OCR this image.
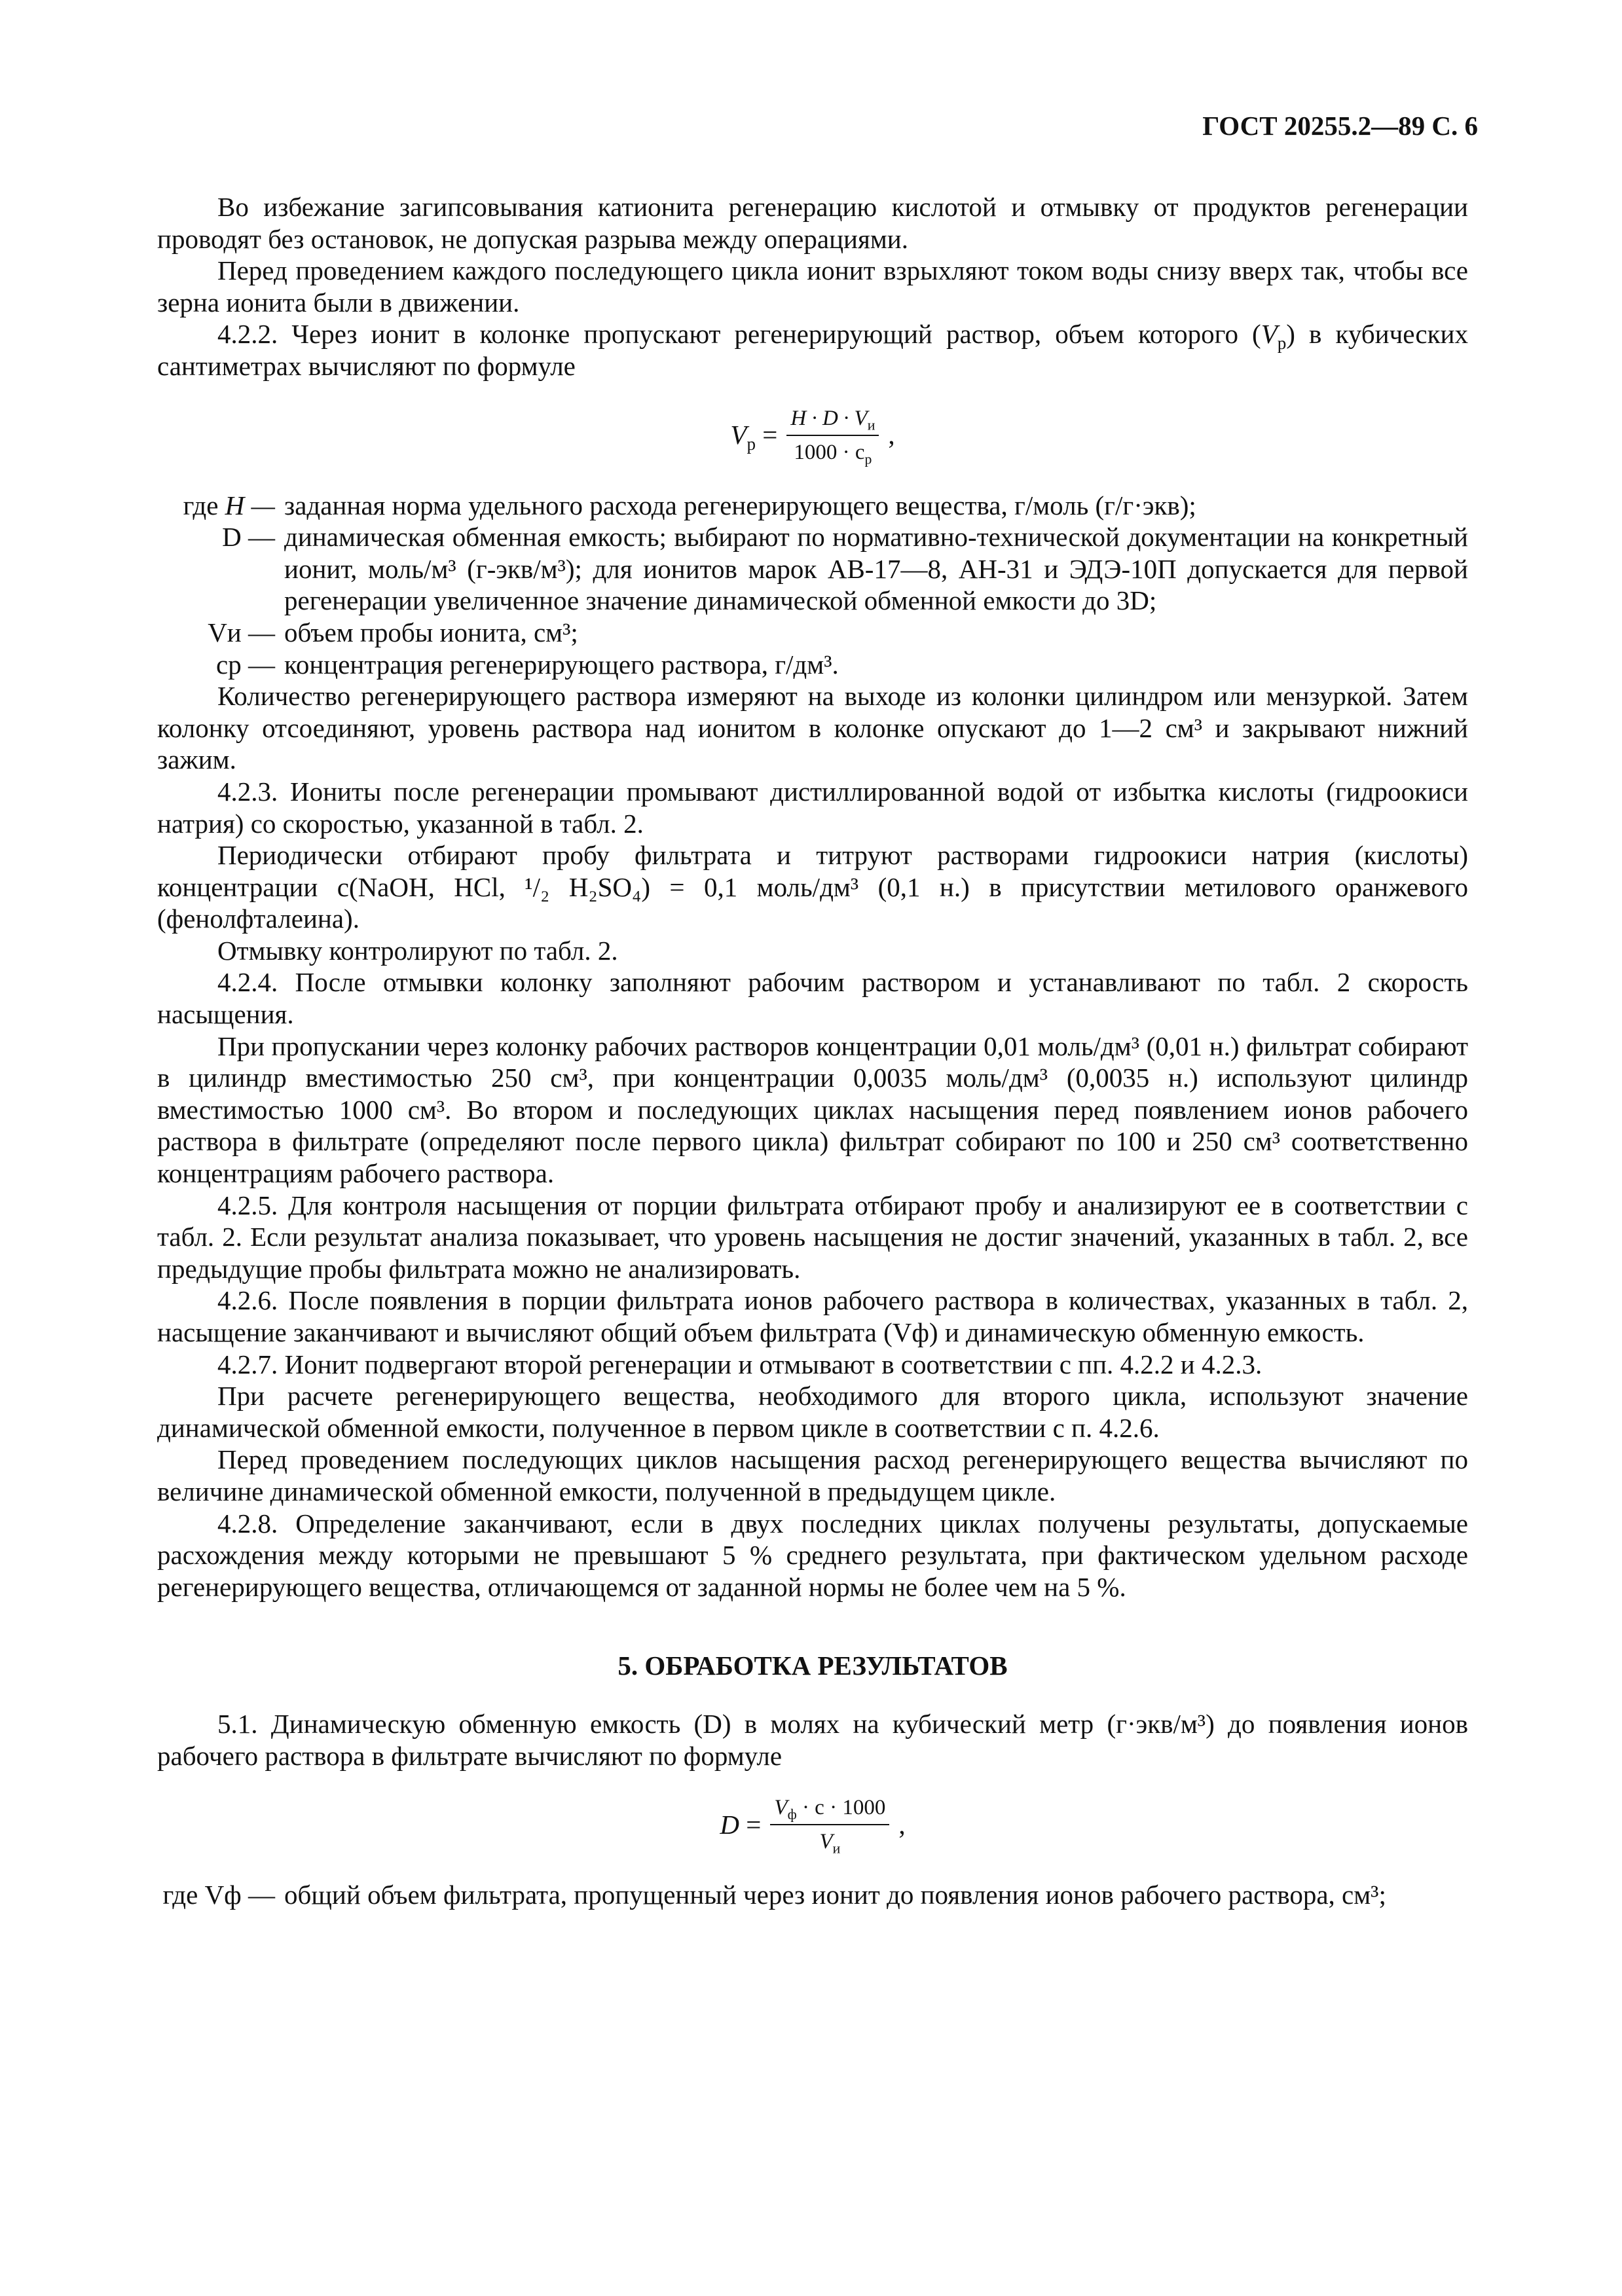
ГОСТ 20255.2—89 С. 6

Во избежание загипсовывания катионита регенерацию кислотой и отмывку от продуктов регенерации проводят без остановок, не допуская разрыва между операциями.

Перед проведением каждого последующего цикла ионит взрыхляют током воды снизу вверх так, чтобы все зерна ионита были в движении.

4.2.2. Через ионит в колонке пропускают регенерирующий раствор, объем которого $(V_р)$ в кубических сантиметрах вычисляют по формуле

$V_р = \frac{H \cdot D \cdot V_и}{1000 \cdot c_р}$ ,
где H — заданная норма удельного расхода регенерирующего вещества, г/моль (г/г·экв);
D — динамическая обменная емкость; выбирают по нормативно-технической документации на конкретный ионит, моль/м³ (г-экв/м³); для ионитов марок АВ-17—8, АН-31 и ЭДЭ-10П допускается для первой регенерации увеличенное значение динамической обменной емкости до 3D;
Vи — объем пробы ионита, см³;
cр — концентрация регенерирующего раствора, г/дм³.

Количество регенерирующего раствора измеряют на выходе из колонки цилиндром или мензуркой. Затем колонку отсоединяют, уровень раствора над ионитом в колонке опускают до 1—2 см³ и закрывают нижний зажим.

4.2.3. Иониты после регенерации промывают дистиллированной водой от избытка кислоты (гидроокиси натрия) со скоростью, указанной в табл. 2.

Периодически отбирают пробу фильтрата и титруют растворами гидроокиси натрия (кислоты) концентрации c(NaOH, HCl, ¹/₂ H₂SO₄) = 0,1 моль/дм³ (0,1 н.) в присутствии метилового оранжевого (фенолфталеина).

Отмывку контролируют по табл. 2.

4.2.4. После отмывки колонку заполняют рабочим раствором и устанавливают по табл. 2 скорость насыщения.

При пропускании через колонку рабочих растворов концентрации 0,01 моль/дм³ (0,01 н.) фильтрат собирают в цилиндр вместимостью 250 см³, при концентрации 0,0035 моль/дм³ (0,0035 н.) используют цилиндр вместимостью 1000 см³. Во втором и последующих циклах насыщения перед появлением ионов рабочего раствора в фильтрате (определяют после первого цикла) фильтрат собирают по 100 и 250 см³ соответственно концентрациям рабочего раствора.

4.2.5. Для контроля насыщения от порции фильтрата отбирают пробу и анализируют ее в соответствии с табл. 2. Если результат анализа показывает, что уровень насыщения не достиг значений, указанных в табл. 2, все предыдущие пробы фильтрата можно не анализировать.

4.2.6. После появления в порции фильтрата ионов рабочего раствора в количествах, указанных в табл. 2, насыщение заканчивают и вычисляют общий объем фильтрата (Vф) и динамическую обменную емкость.

4.2.7. Ионит подвергают второй регенерации и отмывают в соответствии с пп. 4.2.2 и 4.2.3.

При расчете регенерирующего вещества, необходимого для второго цикла, используют значение динамической обменной емкости, полученное в первом цикле в соответствии с п. 4.2.6.

Перед проведением последующих циклов насыщения расход регенерирующего вещества вычисляют по величине динамической обменной емкости, полученной в предыдущем цикле.

4.2.8. Определение заканчивают, если в двух последних циклах получены результаты, допускаемые расхождения между которыми не превышают 5 % среднего результата, при фактическом удельном расходе регенерирующего вещества, отличающемся от заданной нормы не более чем на 5 %.

5. ОБРАБОТКА РЕЗУЛЬТАТОВ

5.1. Динамическую обменную емкость (D) в молях на кубический метр (г·экв/м³) до появления ионов рабочего раствора в фильтрате вычисляют по формуле

$D = \frac{V_ф \cdot c \cdot 1000}{V_и}$ ,
где Vф — общий объем фильтрата, пропущенный через ионит до появления ионов рабочего раствора, см³;
